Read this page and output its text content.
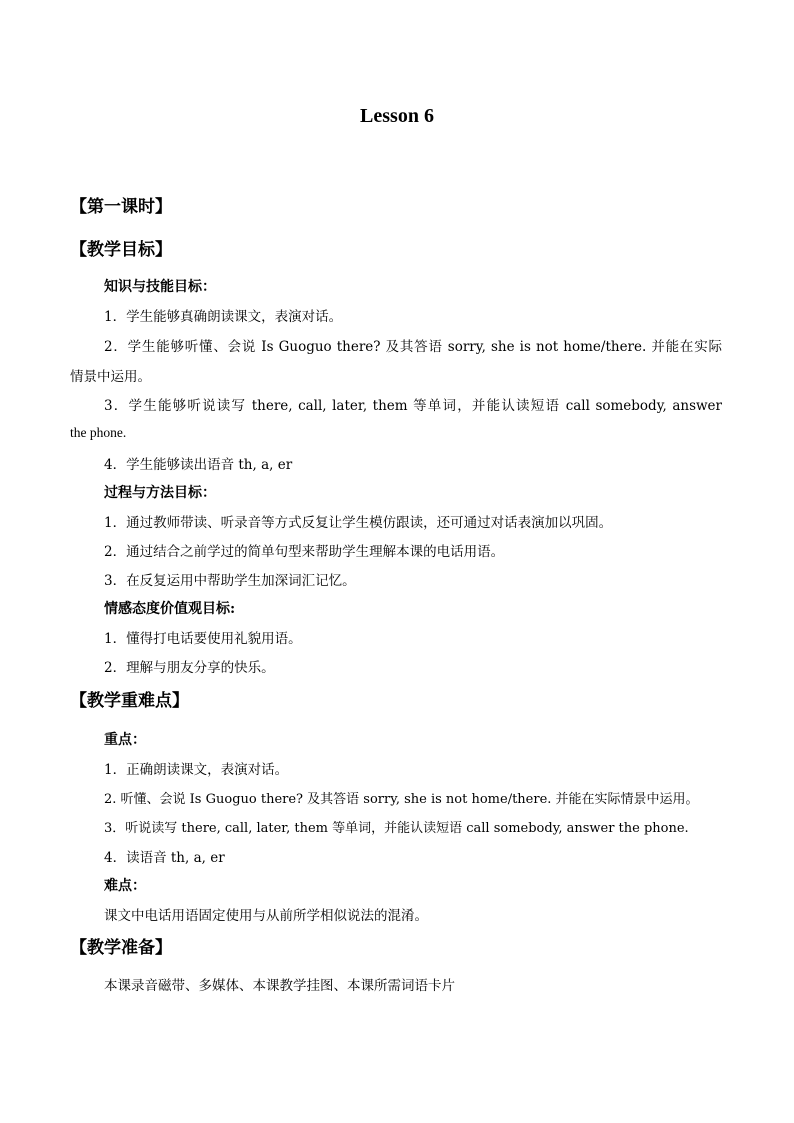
Lesson 6
【第一课时】
【教学目标】
知识与技能目标：
1．学生能够真确朗读课文，表演对话。
2．学生能够听懂、会说 Is Guoguo there? 及其答语 sorry, she is not home/there. 并能在实际
情景中运用。
3．学生能够听说读写 there, call, later, them 等单词，并能认读短语 call somebody, answer
the phone.
4．学生能够读出语音 th, a, er
过程与方法目标：
1．通过教师带读、听录音等方式反复让学生模仿跟读，还可通过对话表演加以巩固。
2．通过结合之前学过的简单句型来帮助学生理解本课的电话用语。
3．在反复运用中帮助学生加深词汇记忆。
情感态度价值观目标:
1．懂得打电话要使用礼貌用语。
2．理解与朋友分享的快乐。
【教学重难点】
重点：
1．正确朗读课文，表演对话。
2. 听懂、会说 Is Guoguo there? 及其答语 sorry, she is not home/there. 并能在实际情景中运用。
3．听说读写 there, call, later, them 等单词，并能认读短语 call somebody, answer the phone.
4．读语音 th, a, er
难点：
课文中电话用语固定使用与从前所学相似说法的混淆。
【教学准备】
本课录音磁带、多媒体、本课教学挂图、本课所需词语卡片
